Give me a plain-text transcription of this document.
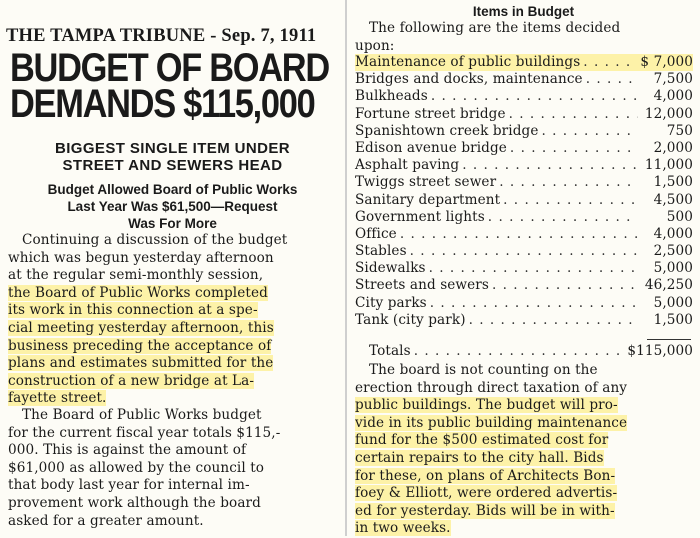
THE TAMPA TRIBUNE - Sep. 7, 1911
BUDGET OF BOARD
DEMANDS $115,000
BIGGEST SINGLE ITEM UNDER
STREET AND SEWERS HEAD
Budget Allowed Board of Public Works
Last Year Was $61,500—Request
Was For More
Continuing a discussion of the budget
which was begun yesterday afternoon
at the regular semi-monthly session,
the Board of Public Works completed
its work in this connection at a spe-
cial meeting yesterday afternoon, this
business preceding the acceptance of
plans and estimates submitted for the
construction of a new bridge at La-
fayette street.
The Board of Public Works budget
for the current fiscal year totals $115,-
000. This is against the amount of
$61,000 as allowed by the council to
that body last year for internal im-
provement work although the board
asked for a greater amount.
Items in Budget
The following are the items decided
upon:
Maintenance of public buildings . . .	$ 7,000
Bridges and docks, maintenance . . .	7,500
Bulkheads . . .	4,000
Fortune street bridge . . .	12,000
Spanishtown creek bridge . . .	750
Edison avenue bridge . . .	2,000
Asphalt paving . . .	11,000
Twiggs street sewer . . .	1,500
Sanitary department . . .	4,500
Government lights . . .	500
Office . . .	4,000
Stables . . .	2,500
Sidewalks . . .	5,000
Streets and sewers . . .	46,250
City parks . . .	5,000
Tank (city park) . . .	1,500
Totals . . .	$115,000
The board is not counting on the
erection through direct taxation of any
public buildings. The budget will pro-
vide in its public building maintenance
fund for the $500 estimated cost for
certain repairs to the city hall. Bids
for these, on plans of Architects Bon-
foey & Elliott, were ordered advertis-
ed for yesterday. Bids will be in with-
in two weeks.
